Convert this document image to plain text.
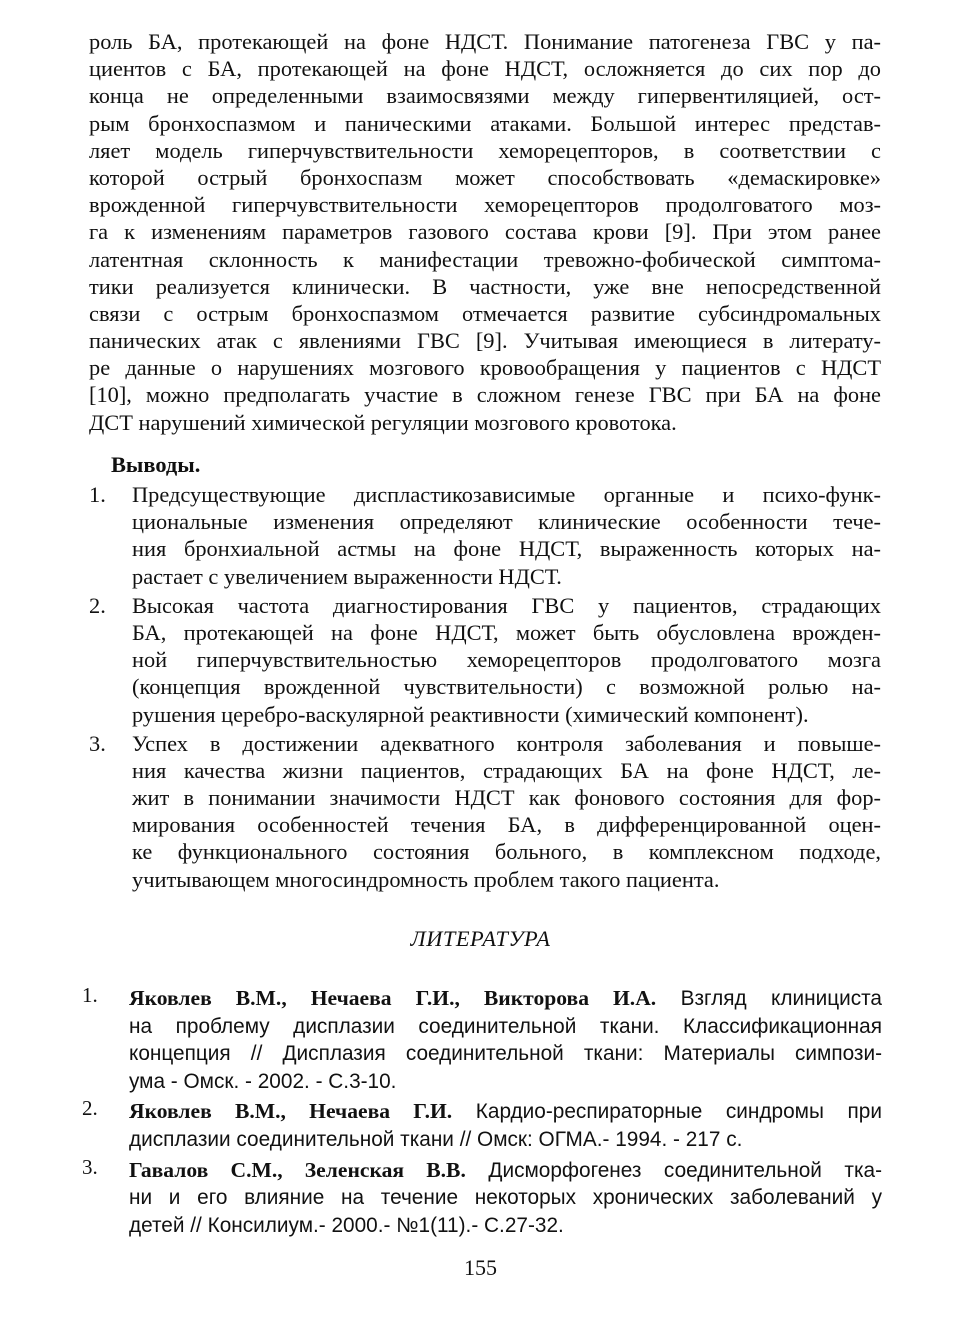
роль БА, протекающей на фоне НДСТ. Понимание патогенеза ГВС у па-
циентов с БА, протекающей на фоне НДСТ, осложняется до сих пор до
конца не определенными взаимосвязями между гипервентиляцией, ост-
рым бронхоспазмом и паническими атаками. Большой интерес представ-
ляет модель гиперчувствительности хеморецепторов, в соответствии с
которой острый бронхоспазм может способствовать «демаскировке»
врожденной гиперчувствительности хеморецепторов продолговатого моз-
га к изменениям параметров газового состава крови [9]. При этом ранее
латентная склонность к манифестации тревожно-фобической симптома-
тики реализуется клинически. В частности, уже вне непосредственной
связи с острым бронхоспазмом отмечается развитие субсиндромальных
панических атак с явлениями ГВС [9]. Учитывая имеющиеся в литерату-
ре данные о нарушениях мозгового кровообращения у пациентов с НДСТ
[10], можно предполагать участие в сложном генезе ГВС при БА на фоне
ДСТ нарушений химической регуляции мозгового кровотока.
Выводы.
1.	Предсуществующие диспластикозависимые органные и психо-функ-
циональные изменения определяют клинические особенности тече-
ния бронхиальной астмы на фоне НДСТ, выраженность которых на-
растает с увеличением выраженности НДСТ.
2.	Высокая частота диагностирования ГВС у пациентов, страдающих
БА, протекающей на фоне НДСТ, может быть обусловлена врожден-
ной гиперчувствительностью хеморецепторов продолговатого мозга
(концепция врожденной чувствительности) с возможной ролью на-
рушения церебро-васкулярной реактивности (химический компонент).
3.	Успех в достижении адекватного контроля заболевания и повыше-
ния качества жизни пациентов, страдающих БА на фоне НДСТ, ле-
жит в понимании значимости НДСТ как фонового состояния для фор-
мирования особенностей течения БА, в дифференцированной оцен-
ке функционального состояния больного, в комплексном подходе,
учитывающем многосиндромность проблем такого пациента.
ЛИТЕРАТУРА
1.	Яковлев В.М., Нечаева Г.И., Викторова И.А. Взгляд клинициста
на проблему дисплазии соединительной ткани. Классификационная
концепция // Дисплазия соединительной ткани: Материалы симпози-
ума - Омск. - 2002. - С.3-10.
2.	Яковлев В.М., Нечаева Г.И. Кардио-респираторные синдромы при
дисплазии соединительной ткани // Омск: ОГМА.- 1994. - 217 с.
3.	Гавалов С.М., Зеленская В.В. Дисморфогенез соединительной тка-
ни и его влияние на течение некоторых хронических заболеваний у
детей // Консилиум.- 2000.- №1(11).- С.27-32.
155
